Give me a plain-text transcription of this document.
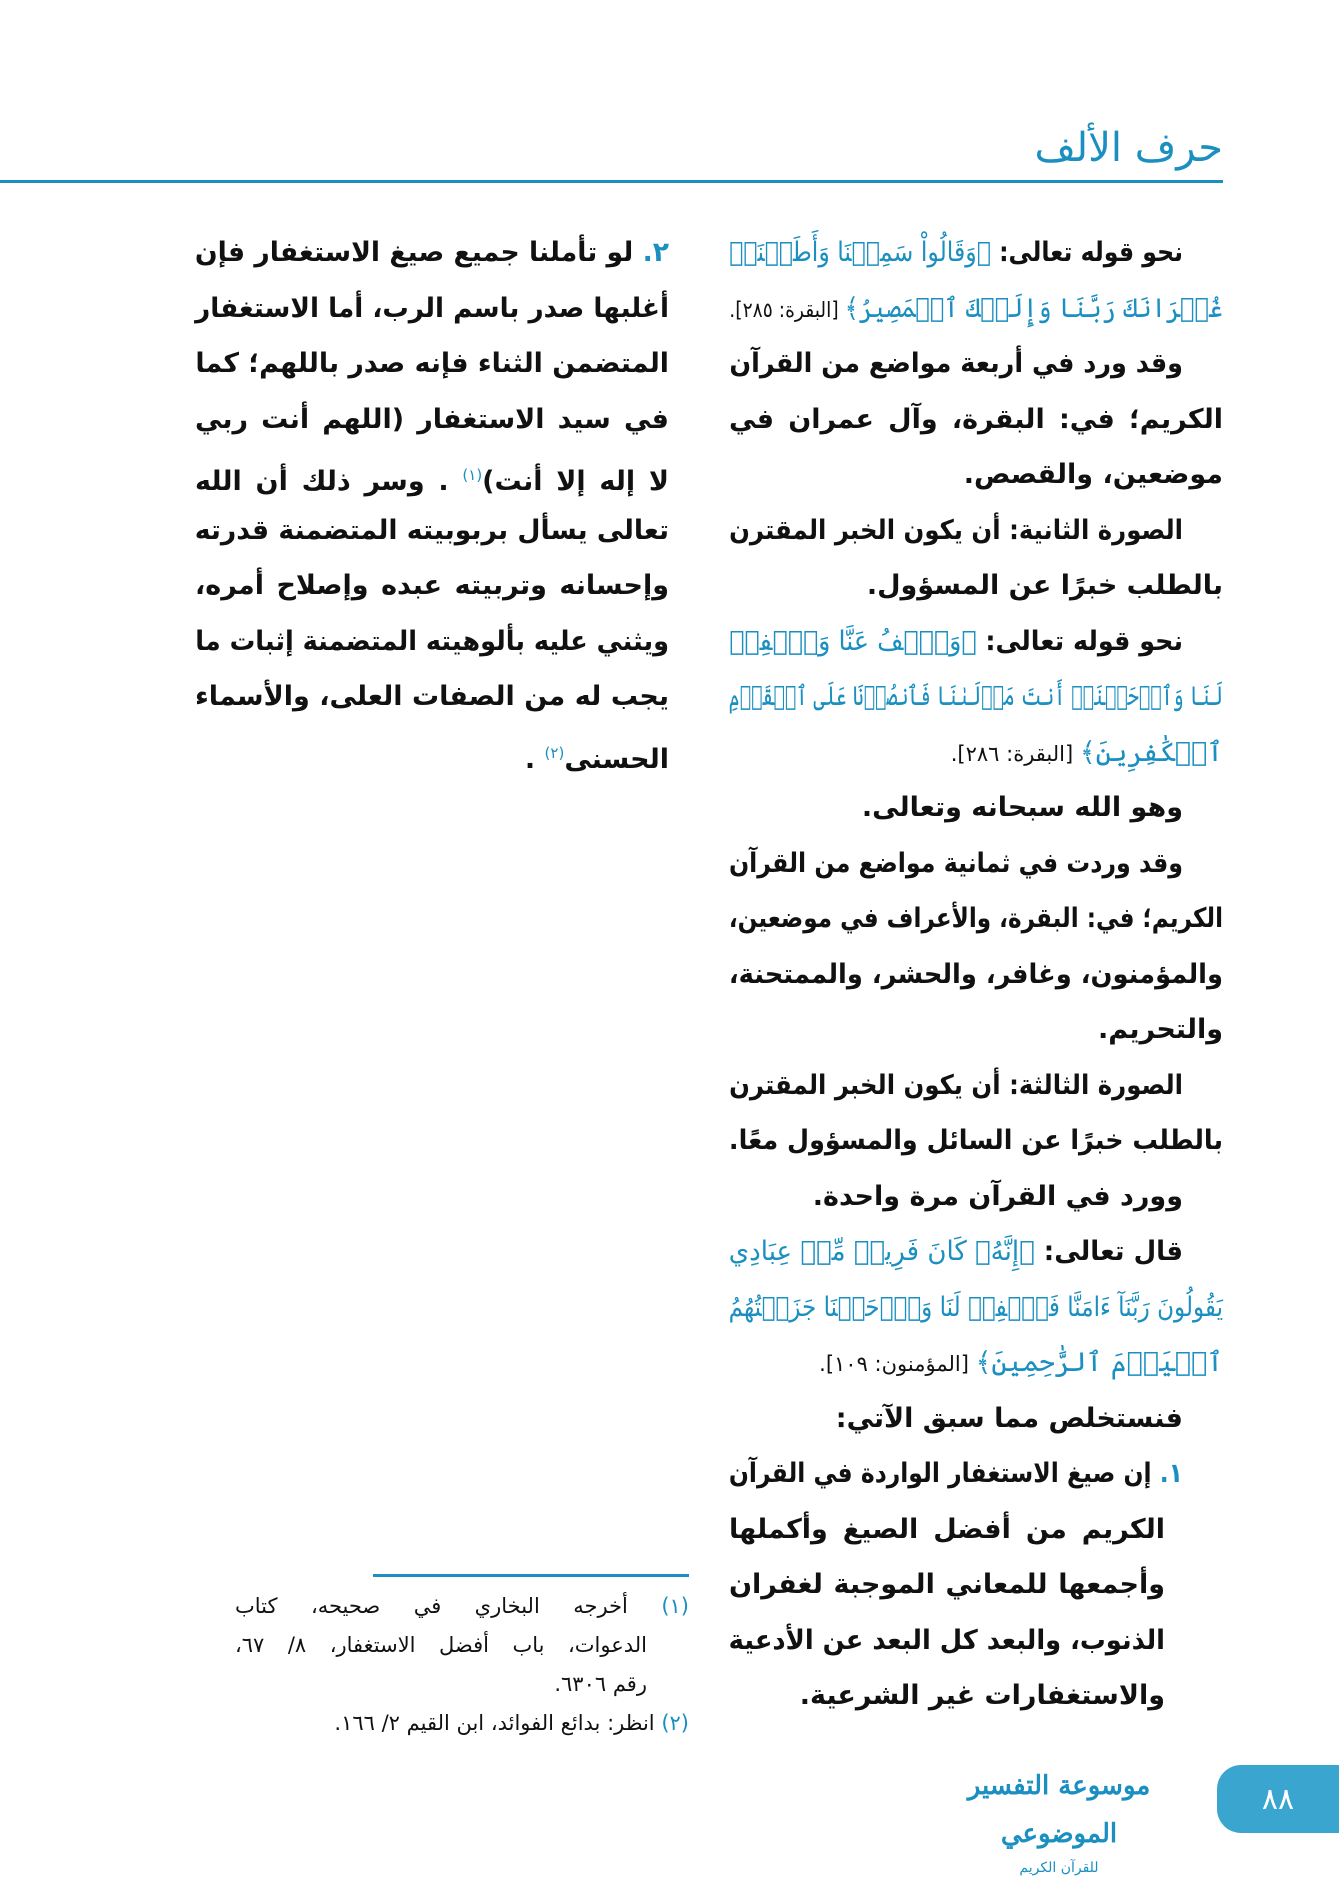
حرف الألف
موسوعة التفسير الموضوعي
للقرآن الكريم
٨٨
نحو قوله تعالى: ﴿وَقَالُواْ سَمِعۡنَا وَأَطَعۡنَاۖ
غُفۡرَانَكَ رَبَّنَا وَإِلَيۡكَ ٱلۡمَصِيرُ﴾ [البقرة: ٢٨٥].
وقد ورد في أربعة مواضع من القرآن
الكريم؛ في: البقرة، وآل عمران في
موضعين، والقصص.
الصورة الثانية: أن يكون الخبر المقترن
بالطلب خبرًا عن المسؤول.
نحو قوله تعالى: ﴿وَٱعۡفُ عَنَّا وَٱغۡفِرۡ
لَنَا وَٱرۡحَمۡنَآۚ أَنتَ مَوۡلَىٰنَا فَٱنصُرۡنَا عَلَى ٱلۡقَوۡمِ
ٱلۡكَٰفِرِينَ﴾ [البقرة: ٢٨٦].
وهو الله سبحانه وتعالى.
وقد وردت في ثمانية مواضع من القرآن
الكريم؛ في: البقرة، والأعراف في موضعين،
والمؤمنون، وغافر، والحشر، والممتحنة،
والتحريم.
الصورة الثالثة: أن يكون الخبر المقترن
بالطلب خبرًا عن السائل والمسؤول معًا.
وورد في القرآن مرة واحدة.
قال تعالى: ﴿إِنَّهُۥ كَانَ فَرِيقٞ مِّنۡ عِبَادِي
يَقُولُونَ رَبَّنَآ ءَامَنَّا فَٱغۡفِرۡ لَنَا وَٱرۡحَمۡنَا جَزَيۡتُهُمُ
ٱلۡيَوۡمَ ٱلرَّٰحِمِينَ﴾ [المؤمنون: ١٠٩].
فنستخلص مما سبق الآتي:
١. إن صيغ الاستغفار الواردة في القرآن
الكريم من أفضل الصيغ وأكملها
وأجمعها للمعاني الموجبة لغفران
الذنوب، والبعد كل البعد عن الأدعية
والاستغفارات غير الشرعية.
٢. لو تأملنا جميع صيغ الاستغفار فإن
أغلبها صدر باسم الرب، أما الاستغفار
المتضمن الثناء فإنه صدر باللهم؛ كما
في سيد الاستغفار (اللهم أنت ربي
لا إله إلا أنت)$^{(١)}$ . وسر ذلك أن الله
تعالى يسأل بربوبيته المتضمنة قدرته
وإحسانه وتربيته عبده وإصلاح أمره،
ويثني عليه بألوهيته المتضمنة إثبات ما
يجب له من الصفات العلى، والأسماء
الحسنى$^{(٢)}$ .
(١) أخرجه البخاري في صحيحه، كتاب
الدعوات، باب أفضل الاستغفار، ٨/ ٦٧،
رقم ٦٣٠٦.
(٢) انظر: بدائع الفوائد، ابن القيم ٢/ ١٦٦.
